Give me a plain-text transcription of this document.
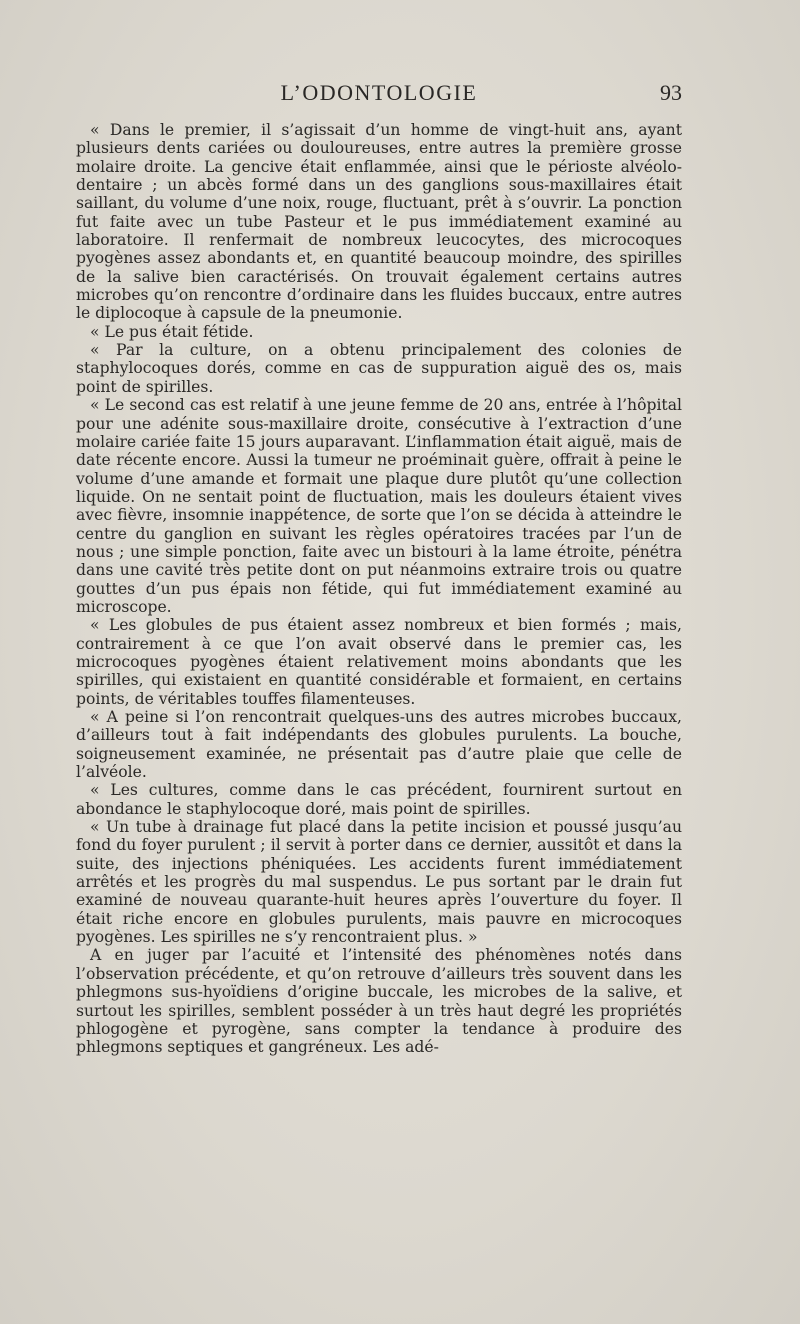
L’ODONTOLOGIE	93

« Dans le premier, il s’agissait d’un homme de vingt-huit ans, ayant plusieurs dents cariées ou douloureuses, entre autres la première grosse molaire droite. La gencive était enflammée, ainsi que le périoste alvéolo-dentaire ; un abcès formé dans un des ganglions sous-maxillaires était saillant, du volume d’une noix, rouge, fluctuant, prêt à s’ouvrir. La ponction fut faite avec un tube Pasteur et le pus immédiatement examiné au laboratoire. Il renfermait de nombreux leucocytes, des microcoques pyogènes assez abondants et, en quantité beaucoup moindre, des spirilles de la salive bien caractérisés. On trouvait également certains autres microbes qu’on rencontre d’ordinaire dans les fluides buccaux, entre autres le diplocoque à capsule de la pneumonie.

« Le pus était fétide.

« Par la culture, on a obtenu principalement des colonies de staphylocoques dorés, comme en cas de suppuration aiguë des os, mais point de spirilles.

« Le second cas est relatif à une jeune femme de 20 ans, entrée à l’hôpital pour une adénite sous-maxillaire droite, consécutive à l’extraction d’une molaire cariée faite 15 jours auparavant. L’inflammation était aiguë, mais de date récente encore. Aussi la tumeur ne proéminait guère, offrait à peine le volume d’une amande et formait une plaque dure plutôt qu’une collection liquide. On ne sentait point de fluctuation, mais les douleurs étaient vives avec fièvre, insomnie inappétence, de sorte que l’on se décida à atteindre le centre du ganglion en suivant les règles opératoires tracées par l’un de nous ; une simple ponction, faite avec un bistouri à la lame étroite, pénétra dans une cavité très petite dont on put néanmoins extraire trois ou quatre gouttes d’un pus épais non fétide, qui fut immédiatement examiné au microscope.

« Les globules de pus étaient assez nombreux et bien formés ; mais, contrairement à ce que l’on avait observé dans le premier cas, les microcoques pyogènes étaient relativement moins abondants que les spirilles, qui existaient en quantité considérable et formaient, en certains points, de véritables touffes filamenteuses.

« A peine si l’on rencontrait quelques-uns des autres microbes buccaux, d’ailleurs tout à fait indépendants des globules purulents. La bouche, soigneusement examinée, ne présentait pas d’autre plaie que celle de l’alvéole.

« Les cultures, comme dans le cas précédent, fournirent surtout en abondance le staphylocoque doré, mais point de spirilles.

« Un tube à drainage fut placé dans la petite incision et poussé jusqu’au fond du foyer purulent ; il servit à porter dans ce dernier, aussitôt et dans la suite, des injections phéniquées. Les accidents furent immédiatement arrêtés et les progrès du mal suspendus. Le pus sortant par le drain fut examiné de nouveau quarante-huit heures après l’ouverture du foyer. Il était riche encore en globules purulents, mais pauvre en microcoques pyogènes. Les spirilles ne s’y rencontraient plus. »

A en juger par l’acuité et l’intensité des phénomènes notés dans l’observation précédente, et qu’on retrouve d’ailleurs très souvent dans les phlegmons sus-hyoïdiens d’origine buccale, les microbes de la salive, et surtout les spirilles, semblent posséder à un très haut degré les propriétés phlogogène et pyrogène, sans compter la tendance à produire des phlegmons septiques et gangréneux. Les adé-
